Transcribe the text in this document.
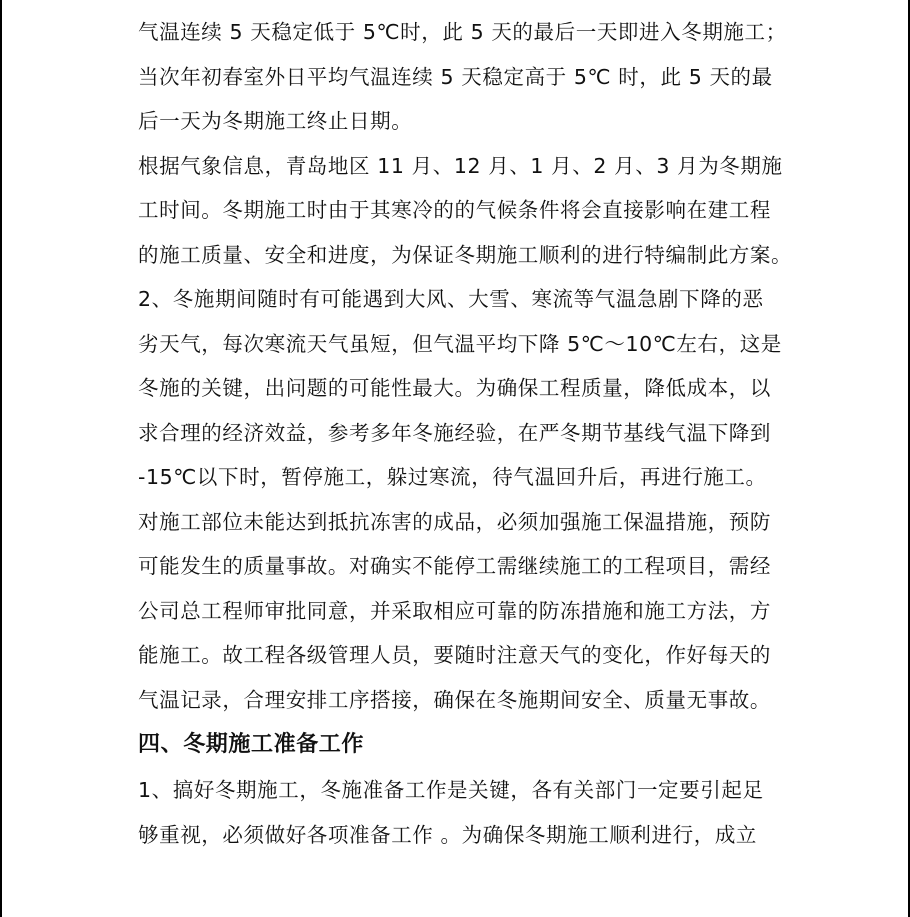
气温连续 5 天稳定低于 5℃时，此 5 天的最后一天即进入冬期施工；
当次年初春室外日平均气温连续 5 天稳定高于 5℃ 时，此 5 天的最
后一天为冬期施工终止日期。
根据气象信息，青岛地区 11 月、12 月、1 月、2 月、3 月为冬期施
工时间。冬期施工时由于其寒冷的的气候条件将会直接影响在建工程
的施工质量、安全和进度，为保证冬期施工顺利的进行特编制此方案。
2、冬施期间随时有可能遇到大风、大雪、寒流等气温急剧下降的恶
劣天气，每次寒流天气虽短，但气温平均下降 5℃～10℃左右，这是
冬施的关键，出问题的可能性最大。为确保工程质量，降低成本，以
求合理的经济效益，参考多年冬施经验，在严冬期节基线气温下降到
-15℃以下时，暂停施工，躲过寒流，待气温回升后，再进行施工。
对施工部位未能达到抵抗冻害的成品，必须加强施工保温措施，预防
可能发生的质量事故。对确实不能停工需继续施工的工程项目，需经
公司总工程师审批同意，并采取相应可靠的防冻措施和施工方法，方
能施工。故工程各级管理人员，要随时注意天气的变化，作好每天的
气温记录，合理安排工序搭接，确保在冬施期间安全、质量无事故。
四、冬期施工准备工作
1、搞好冬期施工，冬施准备工作是关键，各有关部门一定要引起足
够重视，必须做好各项准备工作 。为确保冬期施工顺利进行，成立
